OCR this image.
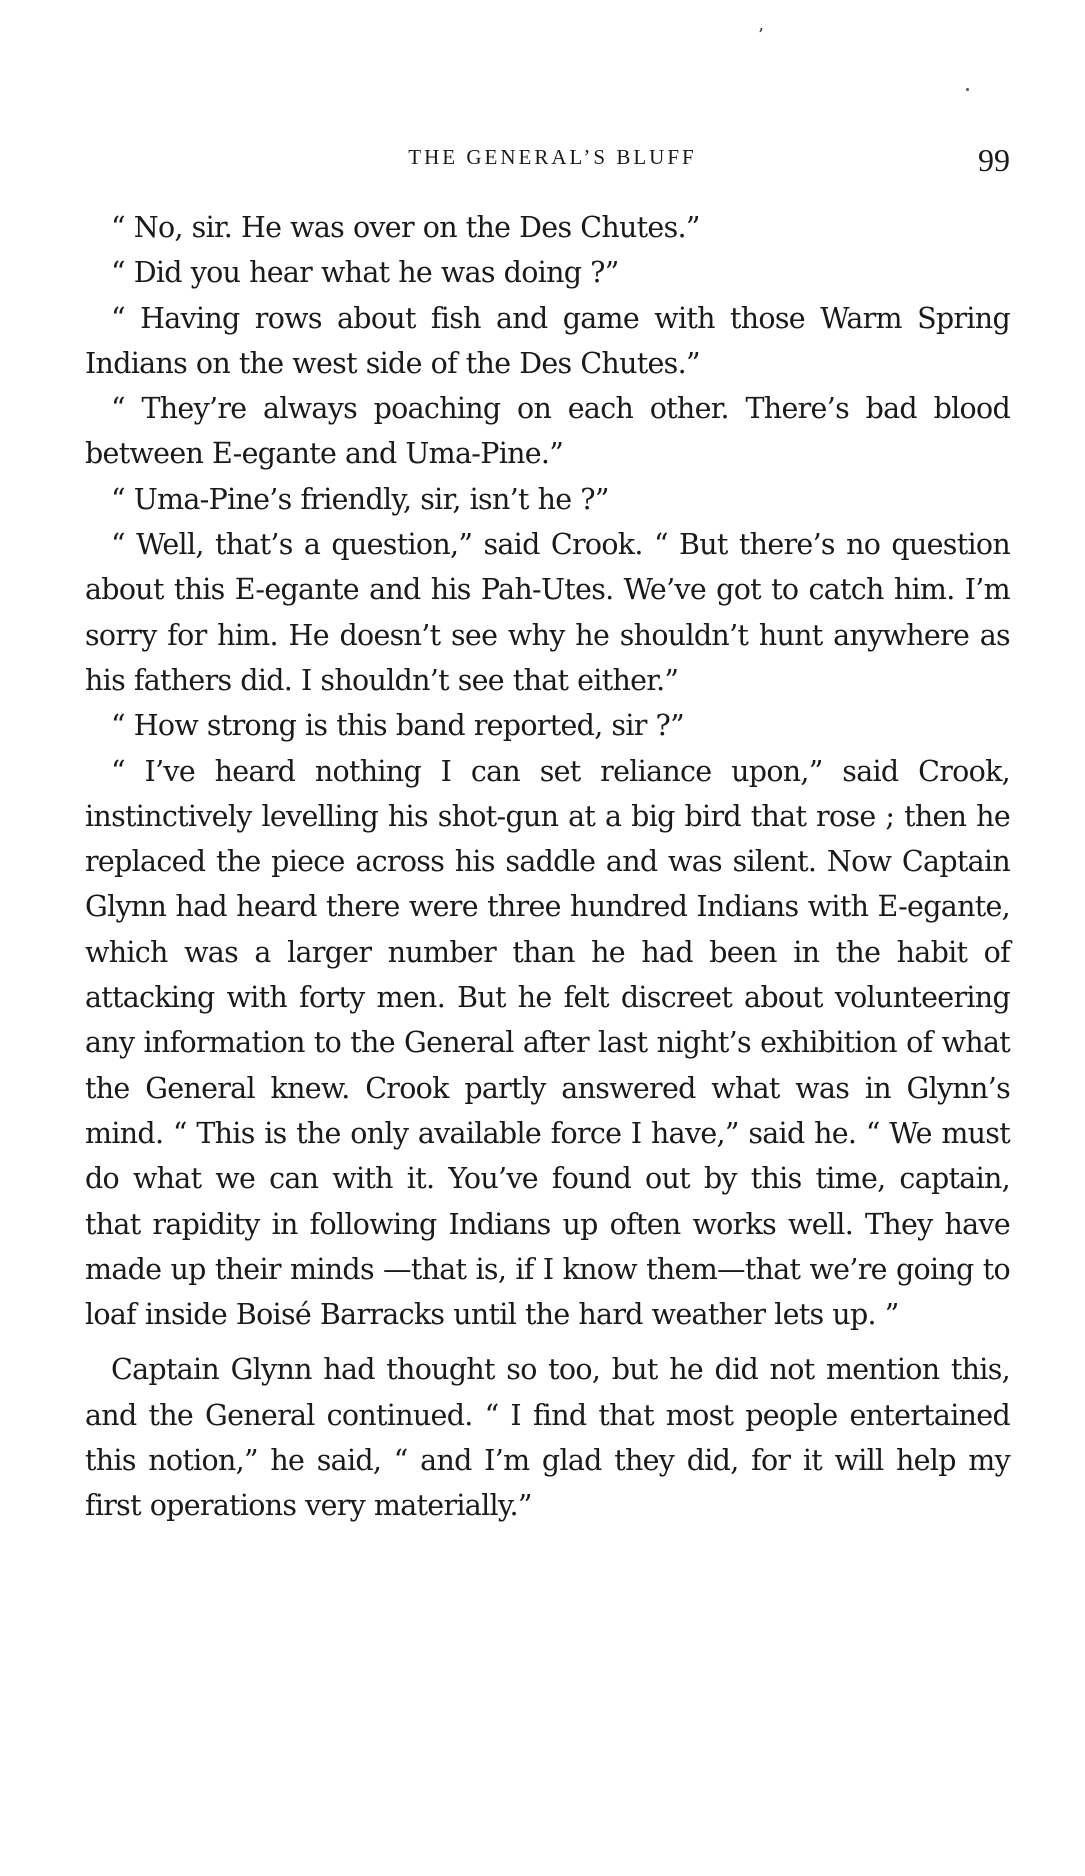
’
THE GENERAL’S BLUFF	99

“ No, sir. He was over on the Des Chutes.”

“ Did you hear what he was doing ?”

“ Having rows about fish and game with those Warm Spring Indians on the west side of the Des Chutes.”

“ They’re always poaching on each other. There’s bad blood between E-egante and Uma-Pine.”

“ Uma-Pine’s friendly, sir, isn’t he ?”

“ Well, that’s a question,” said Crook. “ But there’s no question about this E-egante and his Pah-Utes. We’ve got to catch him. I’m sorry for him. He doesn’t see why he shouldn’t hunt anywhere as his fathers did. I shouldn’t see that either.”

“ How strong is this band reported, sir ?”

“ I’ve heard nothing I can set reliance upon,” said Crook, instinctively levelling his shot-gun at a big bird that rose ; then he replaced the piece across his saddle and was silent. Now Captain Glynn had heard there were three hundred Indians with E-egante, which was a larger number than he had been in the habit of attacking with forty men. But he felt discreet about volunteering any information to the General after last night’s exhibition of what the General knew. Crook partly answered what was in Glynn’s mind. “ This is the only available force I have,” said he. “ We must do what we can with it. You’ve found out by this time, captain, that rapidity in following Indians up often works well. They have made up their minds —that is, if I know them—that we’re going to loaf inside Boisé Barracks until the hard weather lets up. ”

Captain Glynn had thought so too, but he did not mention this, and the General continued. “ I find that most people entertained this notion,” he said, “ and I’m glad they did, for it will help my first operations very materially.”
